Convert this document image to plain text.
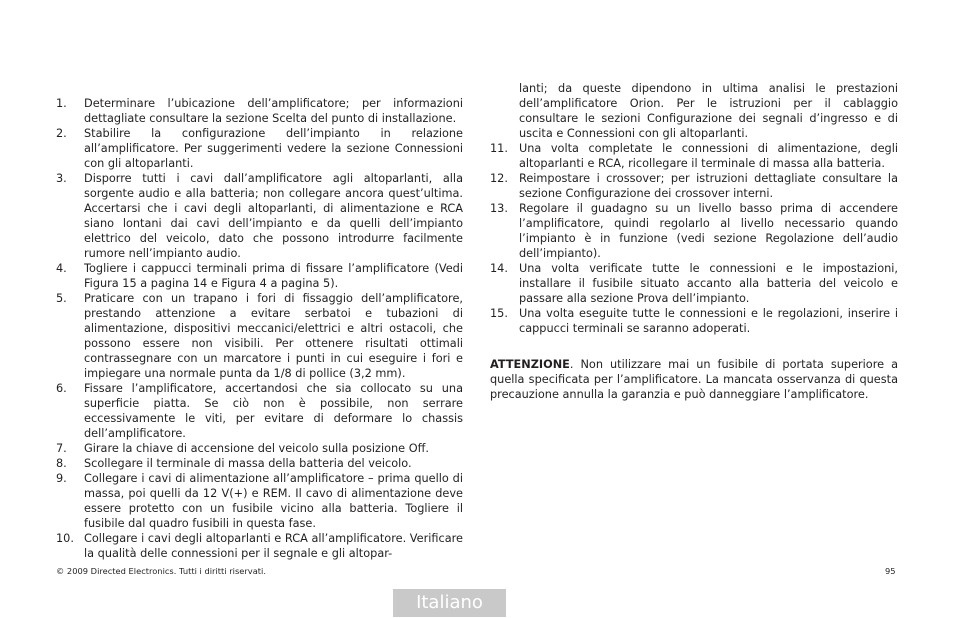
1. Determinare l’ubicazione dell’amplificatore; per informazioni dettagliate consultare la sezione Scelta del punto di installazione.
2. Stabilire la configurazione dell’impianto in relazione all’amplificatore. Per suggerimenti vedere la sezione Connessioni con gli altoparlanti.
3. Disporre tutti i cavi dall’amplificatore agli altoparlanti, alla sorgente audio e alla batteria; non collegare ancora quest’ultima. Accertarsi che i cavi degli altoparlanti, di alimentazione e RCA siano lontani dai cavi dell’impianto e da quelli dell’impianto elettrico del veicolo, dato che possono introdurre facilmente rumore nell’impianto audio.
4. Togliere i cappucci terminali prima di fissare l’amplificatore (Vedi Figura 15 a pagina 14 e Figura 4 a pagina 5).
5. Praticare con un trapano i fori di fissaggio dell’amplificatore, prestando attenzione a evitare serbatoi e tubazioni di alimentazione, dispositivi meccanici/elettrici e altri ostacoli, che possono essere non visibili. Per ottenere risultati ottimali contrassegnare con un marcatore i punti in cui eseguire i fori e impiegare una normale punta da 1/8 di pollice (3,2 mm).
6. Fissare l’amplificatore, accertandosi che sia collocato su una superficie piatta. Se ciò non è possibile, non serrare eccessivamente le viti, per evitare di deformare lo chassis dell’amplificatore.
7. Girare la chiave di accensione del veicolo sulla posizione Off.
8. Scollegare il terminale di massa della batteria del veicolo.
9. Collegare i cavi di alimentazione all’amplificatore – prima quello di massa, poi quelli da 12 V(+) e REM. Il cavo di alimentazione deve essere protetto con un fusibile vicino alla batteria. Togliere il fusibile dal quadro fusibili in questa fase.
10. Collegare i cavi degli altoparlanti e RCA all’amplificatore. Verificare la qualità delle connessioni per il segnale e gli altopar-
lanti; da queste dipendono in ultima analisi le prestazioni dell’amplificatore Orion. Per le istruzioni per il cablaggio consultare le sezioni Configurazione dei segnali d’ingresso e di uscita e Connessioni con gli altoparlanti.
11. Una volta completate le connessioni di alimentazione, degli altoparlanti e RCA, ricollegare il terminale di massa alla batteria.
12. Reimpostare i crossover; per istruzioni dettagliate consultare la sezione Configurazione dei crossover interni.
13. Regolare il guadagno su un livello basso prima di accendere l’amplificatore, quindi regolarlo al livello necessario quando l’impianto è in funzione (vedi sezione Regolazione dell’audio dell’impianto).
14. Una volta verificate tutte le connessioni e le impostazioni, installare il fusibile situato accanto alla batteria del veicolo e passare alla sezione Prova dell’impianto.
15. Una volta eseguite tutte le connessioni e le regolazioni, inserire i cappucci terminali se saranno adoperati.
ATTENZIONE. Non utilizzare mai un fusibile di portata superiore a quella specificata per l’amplificatore. La mancata osservanza di questa precauzione annulla la garanzia e può danneggiare l’amplificatore.
© 2009 Directed Electronics. Tutti i diritti riservati.	95
Italiano
